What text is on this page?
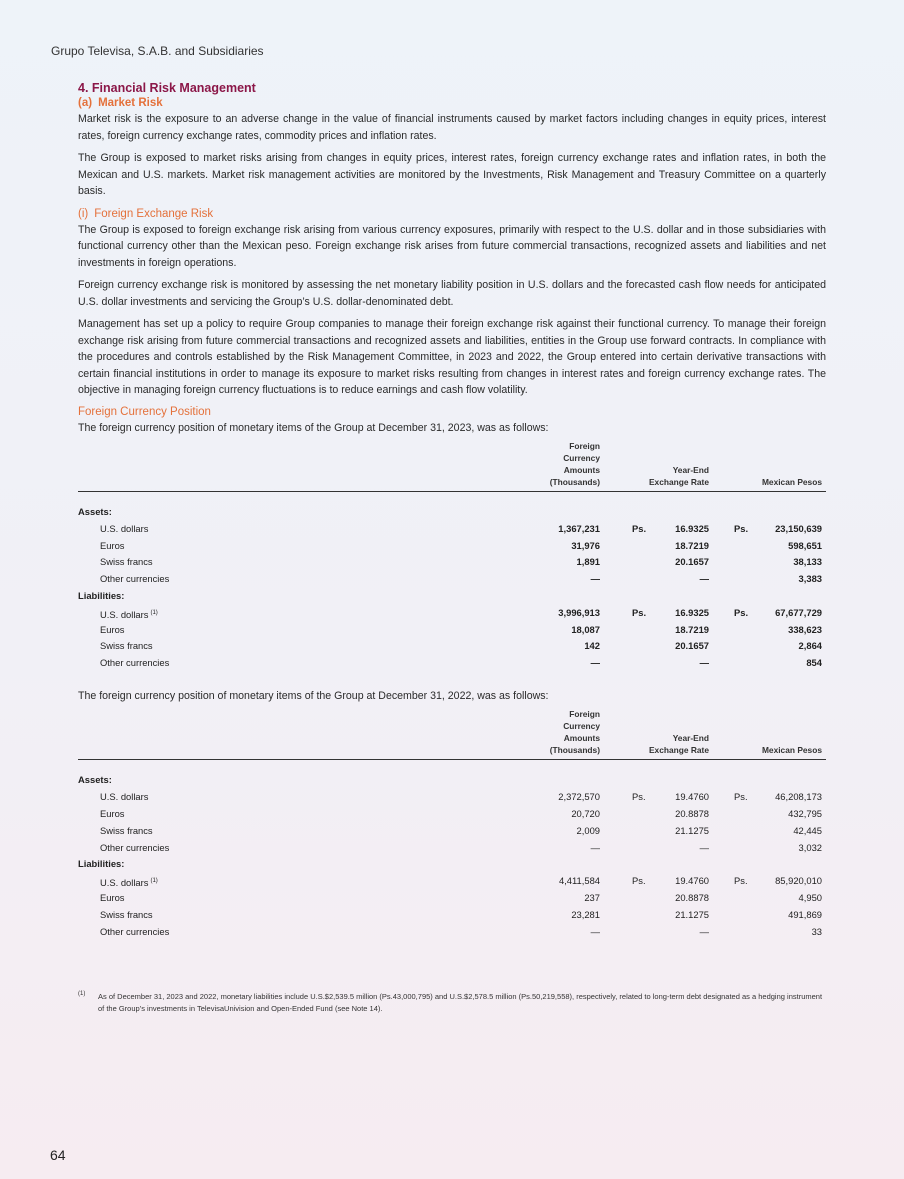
Grupo Televisa, S.A.B. and Subsidiaries
4. Financial Risk Management
(a) Market Risk

Market risk is the exposure to an adverse change in the value of financial instruments caused by market factors including changes in equity prices, interest rates, foreign currency exchange rates, commodity prices and inflation rates.

The Group is exposed to market risks arising from changes in equity prices, interest rates, foreign currency exchange rates and inflation rates, in both the Mexican and U.S. markets. Market risk management activities are monitored by the Investments, Risk Management and Treasury Committee on a quarterly basis.

(i) Foreign Exchange Risk

The Group is exposed to foreign exchange risk arising from various currency exposures, primarily with respect to the U.S. dollar and in those subsidiaries with functional currency other than the Mexican peso. Foreign exchange risk arises from future commercial transactions, recognized assets and liabilities and net investments in foreign operations.

Foreign currency exchange risk is monitored by assessing the net monetary liability position in U.S. dollars and the forecasted cash flow needs for anticipated U.S. dollar investments and servicing the Group’s U.S. dollar-denominated debt.

Management has set up a policy to require Group companies to manage their foreign exchange risk against their functional currency. To manage their foreign exchange risk arising from future commercial transactions and recognized assets and liabilities, entities in the Group use forward contracts. In compliance with the procedures and controls established by the Risk Management Committee, in 2023 and 2022, the Group entered into certain derivative transactions with certain financial institutions in order to manage its exposure to market risks resulting from changes in interest rates and foreign currency exchange rates. The objective in managing foreign currency fluctuations is to reduce earnings and cash flow volatility.

Foreign Currency Position

The foreign currency position of monetary items of the Group at December 31, 2023, was as follows:

Foreign
Currency
Amounts
(Thousands)
Year-End
Exchange Rate	Mexican Pesos
Assets:
U.S. dollars	1,367,231	Ps.	16.9325	Ps.	23,150,639
Euros	31,976	18.7219	598,651
Swiss francs	1,891	20.1657	38,133
Other currencies	—	—	3,383
Liabilities:
U.S. dollars $^{(1)}$	3,996,913	Ps.	16.9325	Ps.	67,677,729
Euros	18,087	18.7219	338,623
Swiss francs	142	20.1657	2,864
Other currencies	—	—	854

The foreign currency position of monetary items of the Group at December 31, 2022, was as follows:

Foreign
Currency
Amounts
(Thousands)
Year-End
Exchange Rate	Mexican Pesos
Assets:
U.S. dollars	2,372,570	Ps.	19.4760	Ps.	46,208,173
Euros	20,720	20.8878	432,795
Swiss francs	2,009	21.1275	42,445
Other currencies	—	—	3,032
Liabilities:
U.S. dollars $^{(1)}$	4,411,584	Ps.	19.4760	Ps.	85,920,010
Euros	237	20.8878	4,950
Swiss francs	23,281	21.1275	491,869
Other currencies	—	—	33
(1) As of December 31, 2023 and 2022, monetary liabilities include U.S.$2,539.5 million (Ps.43,000,795) and U.S.$2,578.5 million (Ps.50,219,558), respectively, related to long-term debt designated as a hedging instrument of the Group’s investments in TelevisaUnivision and Open-Ended Fund (see Note 14).
64
